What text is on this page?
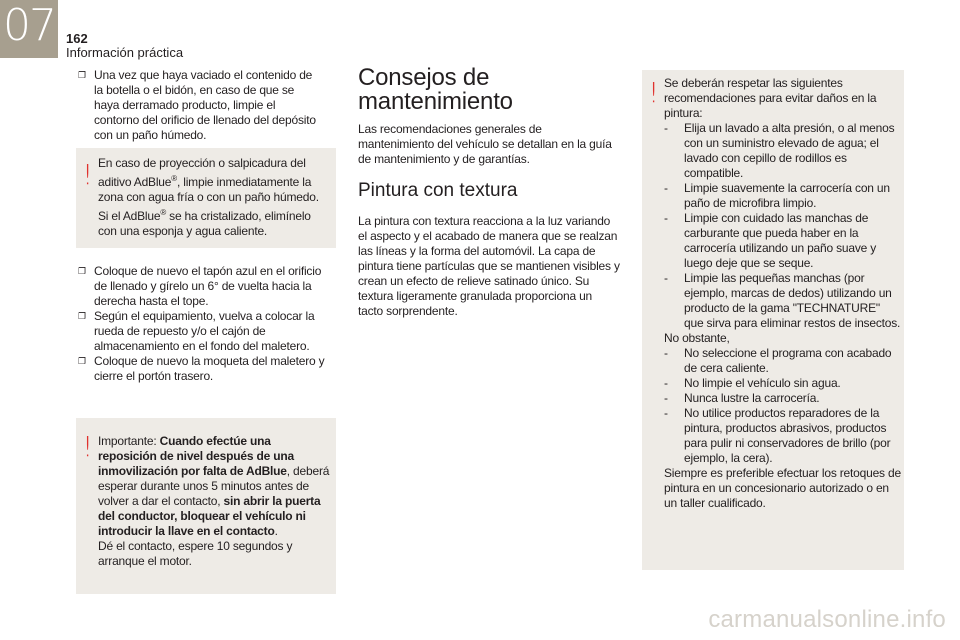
07 162
Información práctica
❐ Una vez que haya vaciado el contenido de la botella o el bidón, en caso de que se haya derramado producto, limpie el contorno del orificio de llenado del depósito con un paño húmedo.
! En caso de proyección o salpicadura del aditivo AdBlue®, limpie inmediatamente la zona con agua fría o con un paño húmedo.
Si el AdBlue® se ha cristalizado, elimínelo con una esponja y agua caliente.
❐ Coloque de nuevo el tapón azul en el orificio de llenado y gírelo un 6° de vuelta hacia la derecha hasta el tope.
❐ Según el equipamiento, vuelva a colocar la rueda de repuesto y/o el cajón de almacenamiento en el fondo del maletero.
❐ Coloque de nuevo la moqueta del maletero y cierre el portón trasero.
! Importante: Cuando efectúe una reposición de nivel después de una inmovilización por falta de AdBlue, deberá esperar durante unos 5 minutos antes de volver a dar el contacto, sin abrir la puerta del conductor, bloquear el vehículo ni introducir la llave en el contacto.
Dé el contacto, espere 10 segundos y arranque el motor.
Consejos de mantenimiento
Las recomendaciones generales de mantenimiento del vehículo se detallan en la guía de mantenimiento y de garantías.
Pintura con textura
La pintura con textura reacciona a la luz variando el aspecto y el acabado de manera que se realzan las líneas y la forma del automóvil. La capa de pintura tiene partículas que se mantienen visibles y crean un efecto de relieve satinado único. Su textura ligeramente granulada proporciona un tacto sorprendente.
! Se deberán respetar las siguientes recomendaciones para evitar daños en la pintura:
- Elija un lavado a alta presión, o al menos con un suministro elevado de agua; el lavado con cepillo de rodillos es compatible.
- Limpie suavemente la carrocería con un paño de microfibra limpio.
- Limpie con cuidado las manchas de carburante que pueda haber en la carrocería utilizando un paño suave y luego deje que se seque.
- Limpie las pequeñas manchas (por ejemplo, marcas de dedos) utilizando un producto de la gama "TECHNATURE" que sirva para eliminar restos de insectos.
No obstante,
- No seleccione el programa con acabado de cera caliente.
- No limpie el vehículo sin agua.
- Nunca lustre la carrocería.
- No utilice productos reparadores de la pintura, productos abrasivos, productos para pulir ni conservadores de brillo (por ejemplo, la cera).
Siempre es preferible efectuar los retoques de pintura en un concesionario autorizado o en un taller cualificado.
carmanualsonline.info
